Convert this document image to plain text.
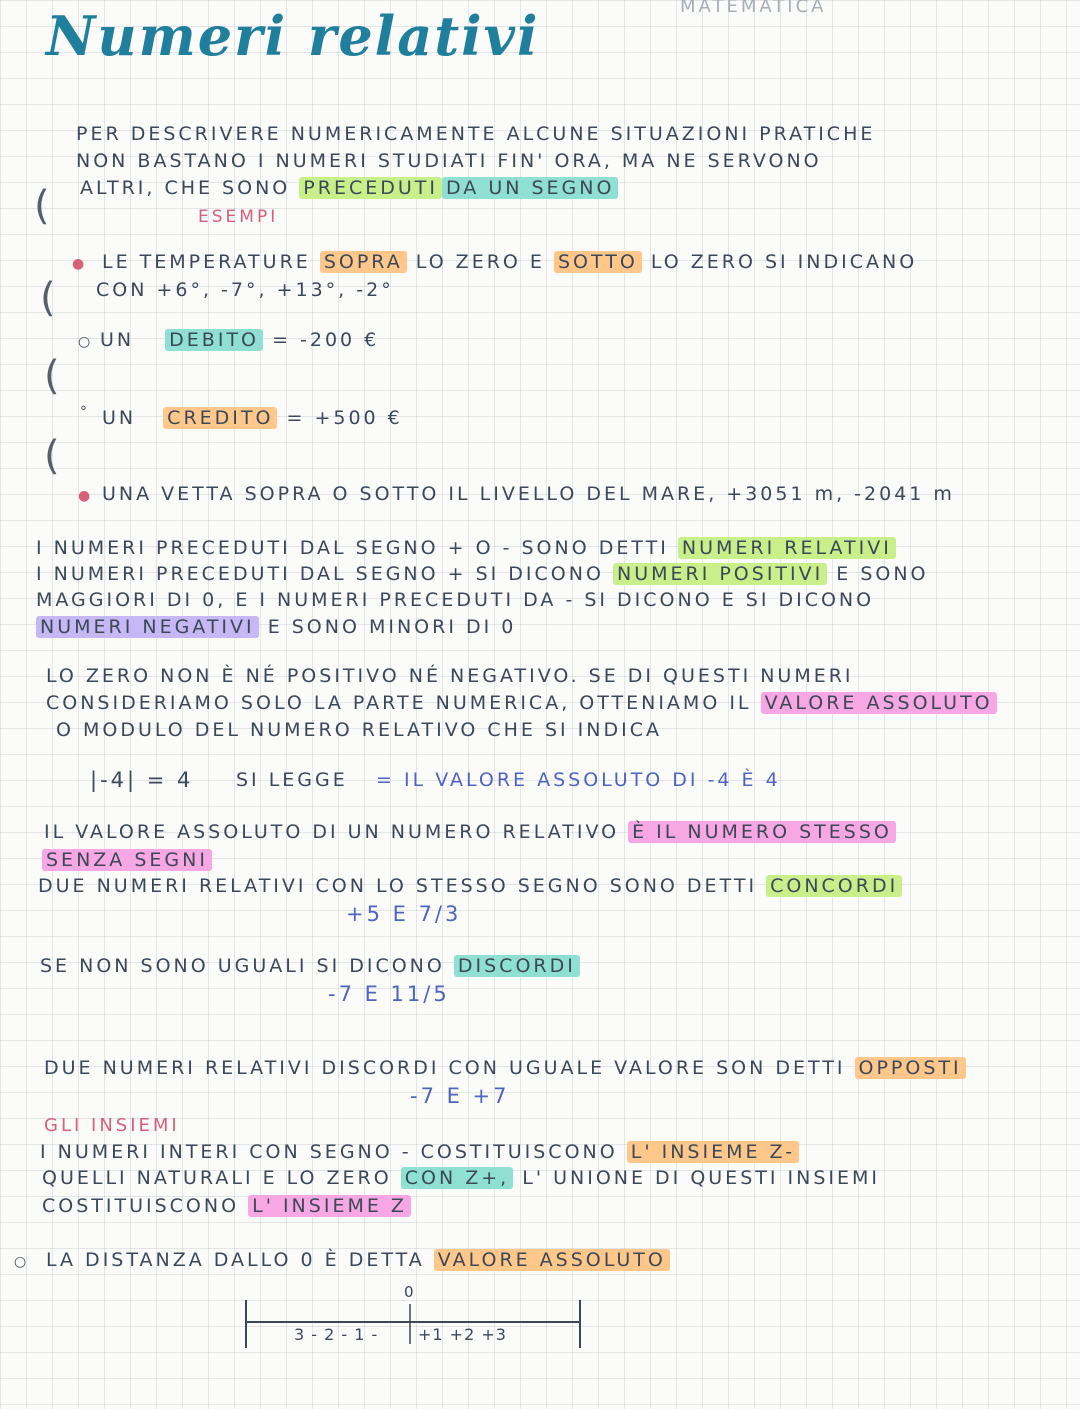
Numeri relativi	MATEMATICA
PER DESCRIVERE NUMERICAMENTE ALCUNE SITUAZIONI PRATICHE
NON BASTANO I NUMERI STUDIATI FIN' ORA, MA NE SERVONO
ALTRI, CHE SONO PRECEDUTI DA UN SEGNO
ESEMPI
(
(
(
(
● LE TEMPERATURE SOPRA LO ZERO E SOTTO LO ZERO SI INDICANO
CON +6°, -7°, +13°, -2°
○ UN DEBITO = -200 €
° UN CREDITO = +500 €
● UNA VETTA SOPRA O SOTTO IL LIVELLO DEL MARE, +3051 m, -2041 m
I NUMERI PRECEDUTI DAL SEGNO + O - SONO DETTI NUMERI RELATIVI
I NUMERI PRECEDUTI DAL SEGNO + SI DICONO NUMERI POSITIVI E SONO
MAGGIORI DI 0, E I NUMERI PRECEDUTI DA - SI DICONO E SI DICONO
NUMERI NEGATIVI E SONO MINORI DI 0
LO ZERO NON È NÉ POSITIVO NÉ NEGATIVO. SE DI QUESTI NUMERI
CONSIDERIAMO SOLO LA PARTE NUMERICA, OTTENIAMO IL VALORE ASSOLUTO
O MODULO DEL NUMERO RELATIVO CHE SI INDICA
|-4| = 4 SI LEGGE = IL VALORE ASSOLUTO DI -4 È 4
IL VALORE ASSOLUTO DI UN NUMERO RELATIVO È IL NUMERO STESSO
SENZA SEGNI
DUE NUMERI RELATIVI CON LO STESSO SEGNO SONO DETTI CONCORDI
+5 E 7/3
SE NON SONO UGUALI SI DICONO DISCORDI
-7 E 11/5
DUE NUMERI RELATIVI DISCORDI CON UGUALE VALORE SON DETTI OPPOSTI
-7 E +7
GLI INSIEMI
I NUMERI INTERI CON SEGNO - COSTITUISCONO L' INSIEME Z-
QUELLI NATURALI E LO ZERO CON Z+, L' UNIONE DI QUESTI INSIEMI
COSTITUISCONO L' INSIEME Z
○ LA DISTANZA DALLO 0 È DETTA VALORE ASSOLUTO
0
3 - 2 - 1 - +1 +2 +3
